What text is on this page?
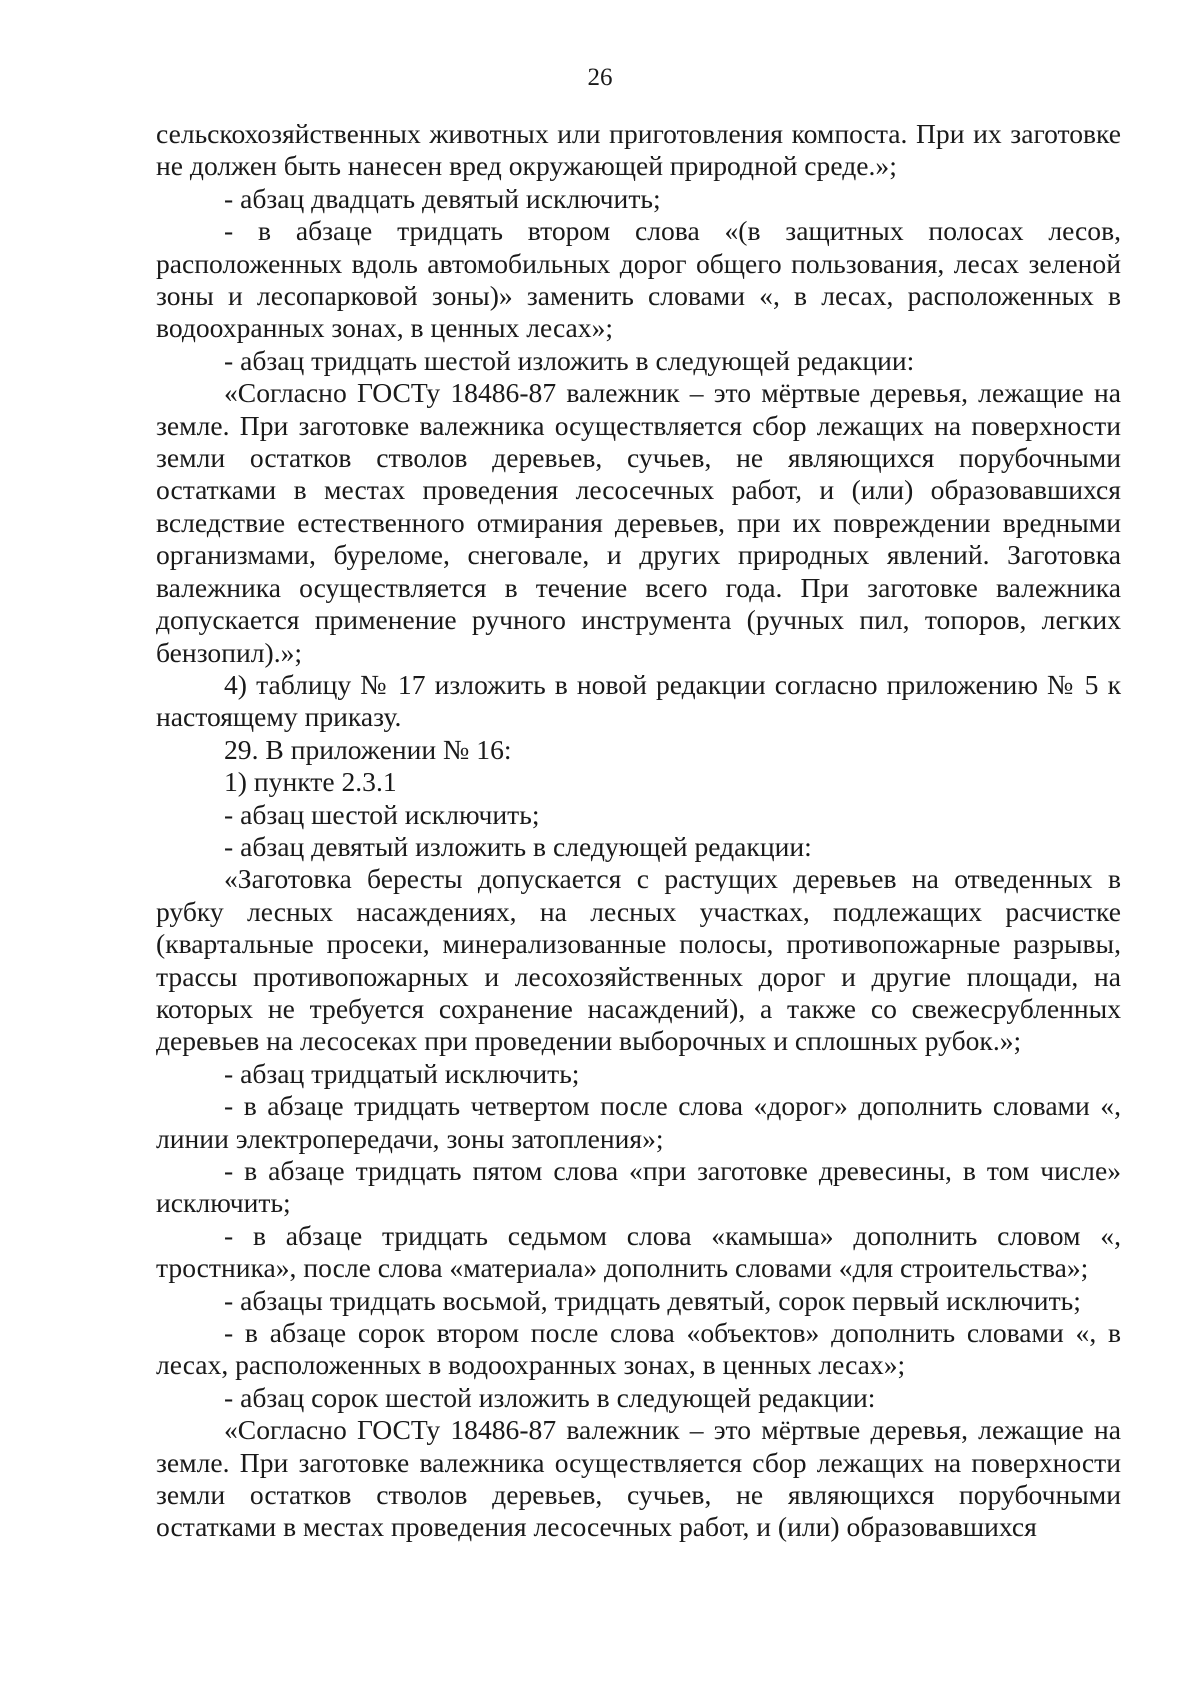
26

сельскохозяйственных животных или приготовления компоста. При их заготовке не должен быть нанесен вред окружающей природной среде.»;

- абзац двадцать девятый исключить;

- в абзаце тридцать втором слова «(в защитных полосах лесов, расположенных вдоль автомобильных дорог общего пользования, лесах зеленой зоны и лесопарковой зоны)» заменить словами «, в лесах, расположенных в водоохранных зонах, в ценных лесах»;

- абзац тридцать шестой изложить в следующей редакции:

«Согласно ГОСТу 18486-87 валежник – это мёртвые деревья, лежащие на земле. При заготовке валежника осуществляется сбор лежащих на поверхности земли остатков стволов деревьев, сучьев, не являющихся порубочными остатками в местах проведения лесосечных работ, и (или) образовавшихся вследствие естественного отмирания деревьев, при их повреждении вредными организмами, буреломе, снеговале, и других природных явлений. Заготовка валежника осуществляется в течение всего года. При заготовке валежника допускается применение ручного инструмента (ручных пил, топоров, легких бензопил).»;

4) таблицу № 17 изложить в новой редакции согласно приложению № 5 к настоящему приказу.

29. В приложении № 16:

1) пункте 2.3.1

- абзац шестой исключить;

- абзац девятый изложить в следующей редакции:

«Заготовка бересты допускается с растущих деревьев на отведенных в рубку лесных насаждениях, на лесных участках, подлежащих расчистке (квартальные просеки, минерализованные полосы, противопожарные разрывы, трассы противопожарных и лесохозяйственных дорог и другие площади, на которых не требуется сохранение насаждений), а также со свежесрубленных деревьев на лесосеках при проведении выборочных и сплошных рубок.»;

- абзац тридцатый исключить;

- в абзаце тридцать четвертом после слова «дорог» дополнить словами «, линии электропередачи, зоны затопления»;

- в абзаце тридцать пятом слова «при заготовке древесины, в том числе» исключить;

- в абзаце тридцать седьмом слова «камыша» дополнить словом «, тростника», после слова «материала» дополнить словами «для строительства»;

- абзацы тридцать восьмой, тридцать девятый, сорок первый исключить;

- в абзаце сорок втором после слова «объектов» дополнить словами «, в лесах, расположенных в водоохранных зонах, в ценных лесах»;

- абзац сорок шестой изложить в следующей редакции:

«Согласно ГОСТу 18486-87 валежник – это мёртвые деревья, лежащие на земле. При заготовке валежника осуществляется сбор лежащих на поверхности земли остатков стволов деревьев, сучьев, не являющихся порубочными остатками в местах проведения лесосечных работ, и (или) образовавшихся
